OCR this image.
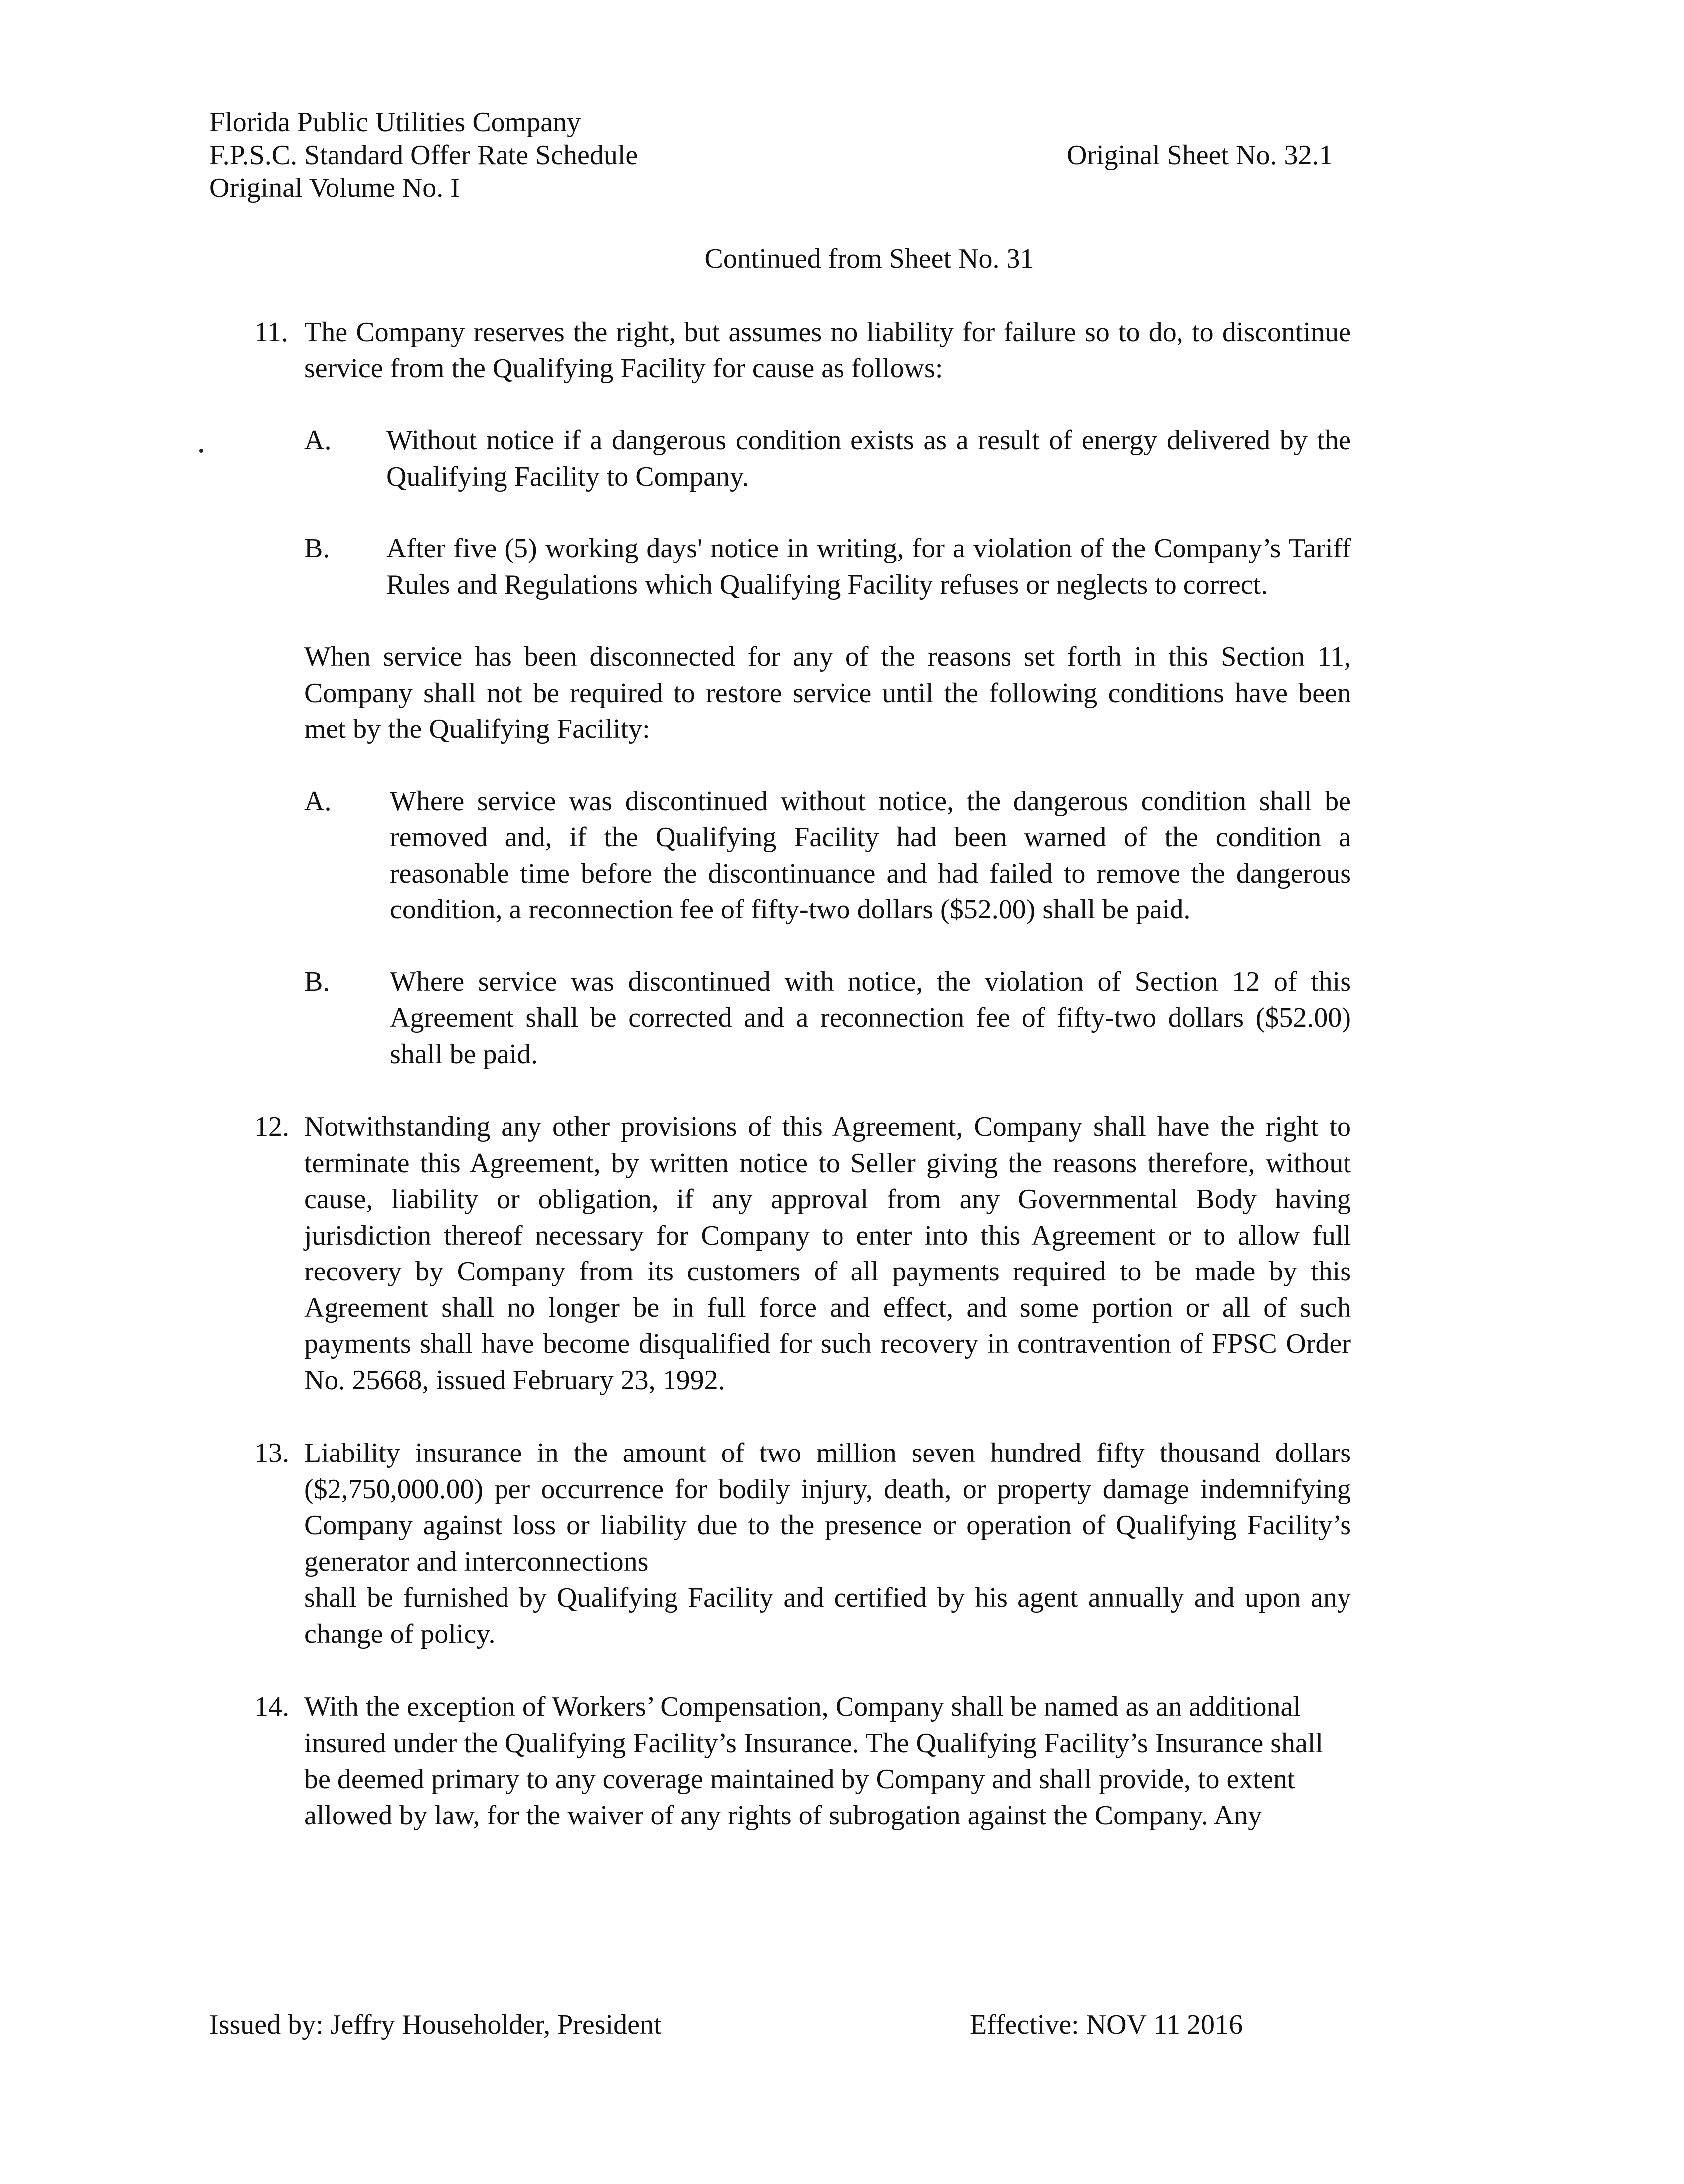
Florida Public Utilities Company
F.P.S.C. Standard Offer Rate Schedule
Original Volume No. I
Original Sheet No. 32.1
Continued from Sheet No. 31
11. The Company reserves the right, but assumes no liability for failure so to do, to discontinue service from the Qualifying Facility for cause as follows:

A. Without notice if a dangerous condition exists as a result of energy delivered by the Qualifying Facility to Company.

B. After five (5) working days' notice in writing, for a violation of the Company’s Tariff Rules and Regulations which Qualifying Facility refuses or neglects to correct.

When service has been disconnected for any of the reasons set forth in this Section 11, Company shall not be required to restore service until the following conditions have been met by the Qualifying Facility:

A. Where service was discontinued without notice, the dangerous condition shall be removed and, if the Qualifying Facility had been warned of the condition a reasonable time before the discontinuance and had failed to remove the dangerous condition, a reconnection fee of fifty-two dollars ($52.00) shall be paid.

B. Where service was discontinued with notice, the violation of Section 12 of this Agreement shall be corrected and a reconnection fee of fifty-two dollars ($52.00) shall be paid.

12. Notwithstanding any other provisions of this Agreement, Company shall have the right to terminate this Agreement, by written notice to Seller giving the reasons therefore, without cause, liability or obligation, if any approval from any Governmental Body having jurisdiction thereof necessary for Company to enter into this Agreement or to allow full recovery by Company from its customers of all payments required to be made by this Agreement shall no longer be in full force and effect, and some portion or all of such payments shall have become disqualified for such recovery in contravention of FPSC Order No. 25668, issued February 23, 1992.

13. Liability insurance in the amount of two million seven hundred fifty thousand dollars ($2,750,000.00) per occurrence for bodily injury, death, or property damage indemnifying Company against loss or liability due to the presence or operation of Qualifying Facility’s generator and interconnections

shall be furnished by Qualifying Facility and certified by his agent annually and upon any change of policy.

14. With the exception of Workers’ Compensation, Company shall be named as an additional insured under the Qualifying Facility’s Insurance. The Qualifying Facility’s Insurance shall be deemed primary to any coverage maintained by Company and shall provide, to extent allowed by law, for the waiver of any rights of subrogation against the Company. Any

Issued by: Jeffry Householder, President	Effective: NOV 11 2016
